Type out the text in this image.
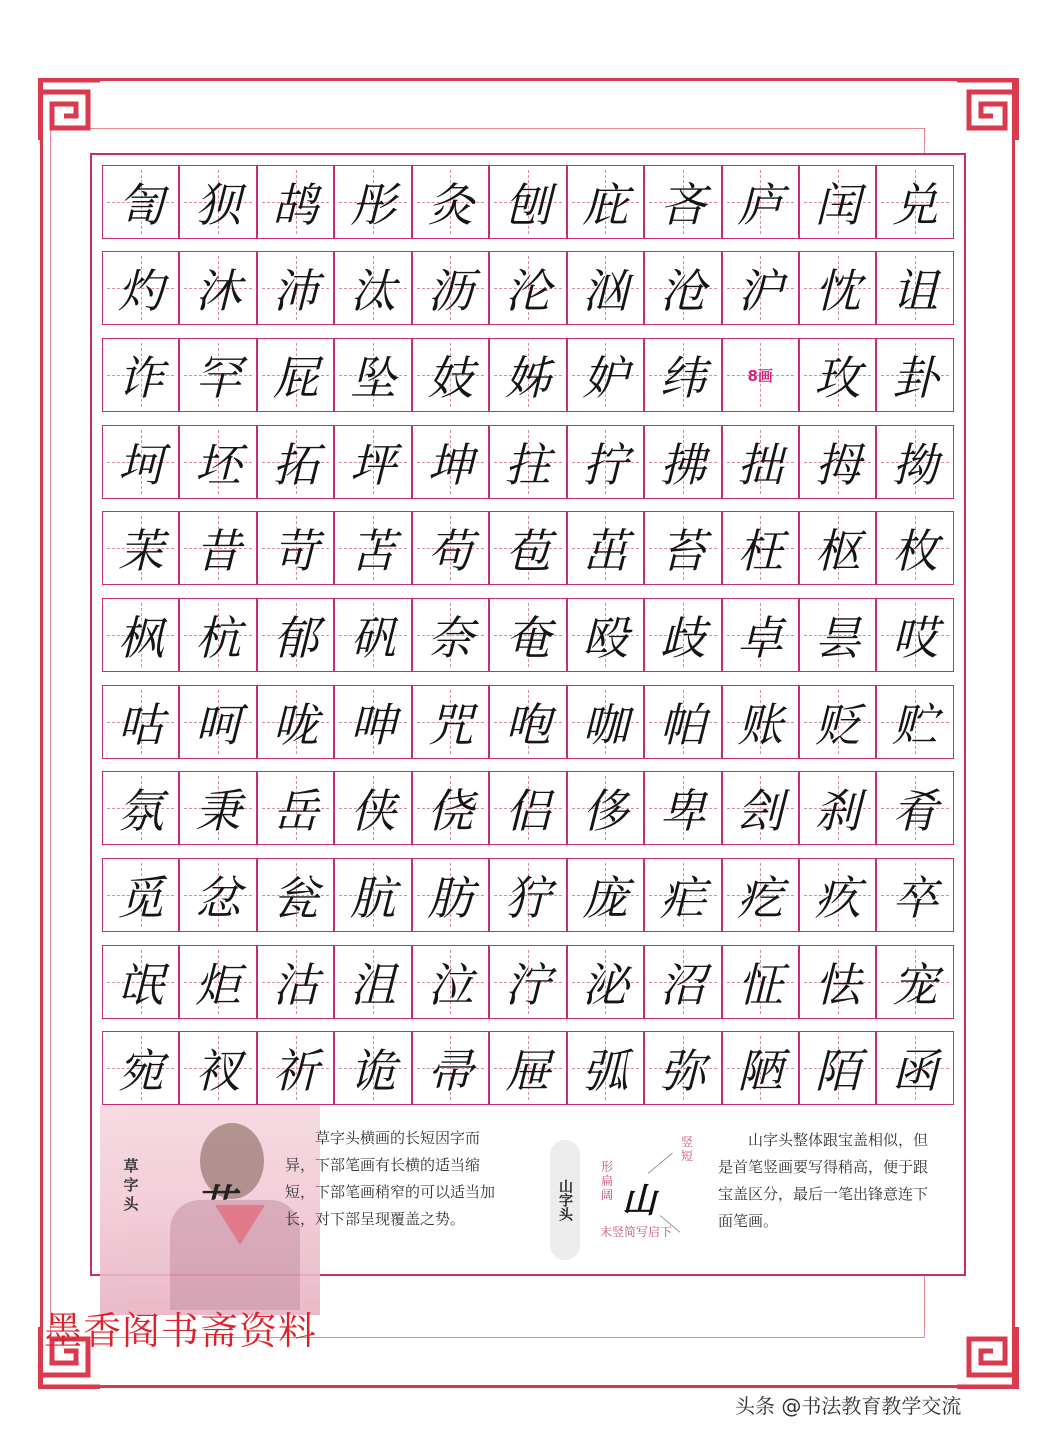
訇 狈 鸪 彤 灸 刨 庇 吝 庐 闰 兑
灼 沐 沛 汰 沥 沦 汹 沧 沪 忱 诅
诈 罕 屁 坠 妓 姊 妒 纬	8画 玫 卦
坷 坯 拓 坪 坤 拄 拧 拂 拙 拇 拗
茉 昔 苛 苫 苟 苞 茁 苔 枉 枢 枚
枫 杭 郁 矾 奈 奄 殴 歧 卓 昙 哎
咕 呵 咙 呻 咒 咆 咖 帕 账 贬 贮
氛 秉 岳 侠 侥 侣 侈 卑 刽 刹 肴
觅 忿 瓮 肮 肪 狞 庞 疟 疙 疚 卒
氓 炬 沽 沮 泣 泞 泌 沼 怔 怯 宠
宛 衩 祈 诡 帚 屉 弧 弥 陋 陌 函
草字头 艹
草字头横画的长短因字而异，下部笔画有长横的适当缩短，下部笔画稍窄的可以适当加长，对下部呈现覆盖之势。	山字头 山
竖短
形扁阔
末竖简写启下
山字头整体跟宝盖相似，但是首笔竖画要写得稍高，便于跟宝盖区分，最后一笔出锋意连下面笔画。
墨香阁书斋资料
头条 @书法教育教学交流
